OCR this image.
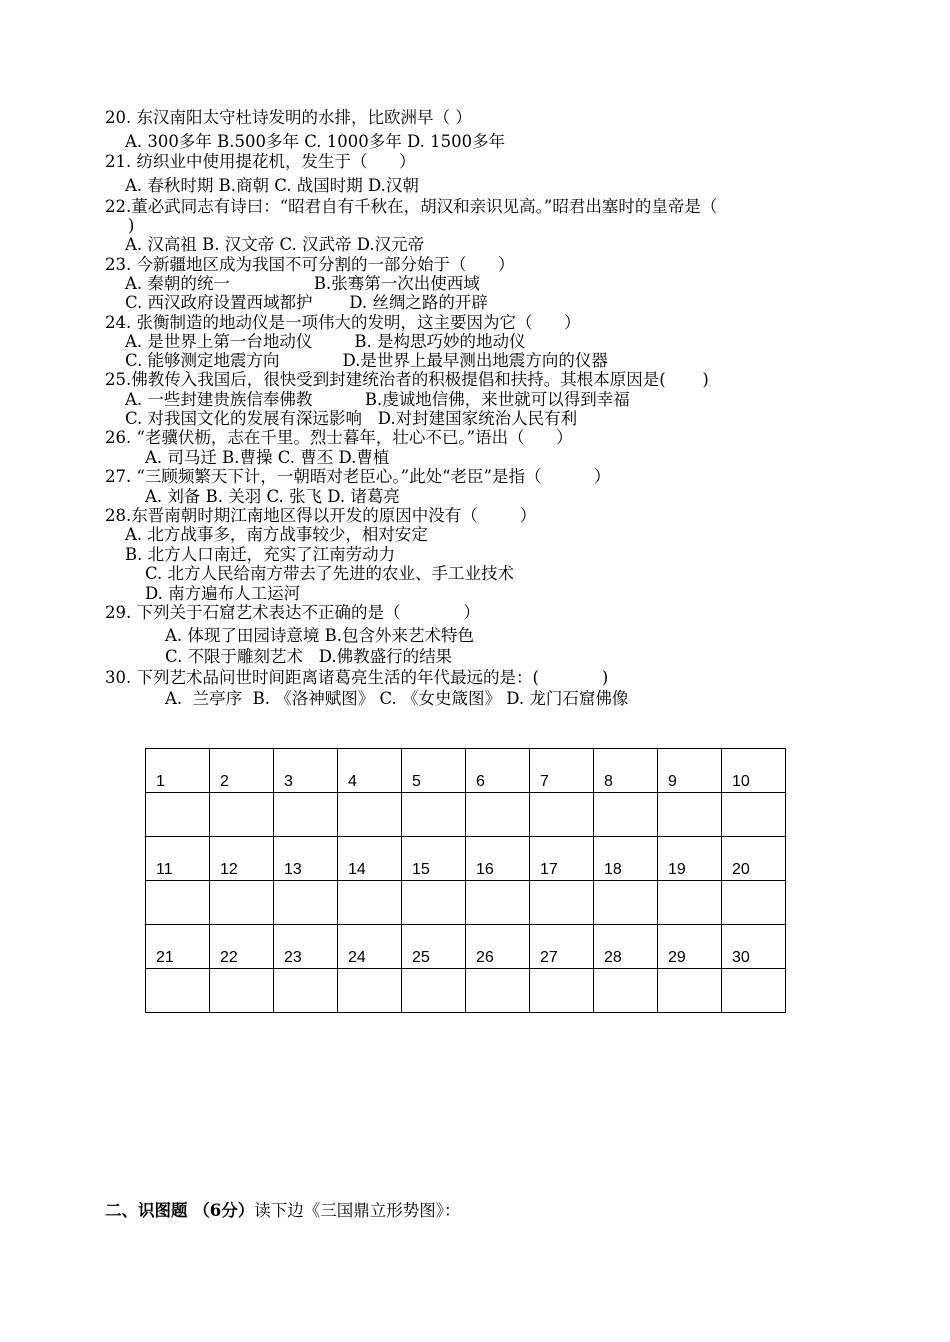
20. 东汉南阳太守杜诗发明的水排，比欧洲早（ ）
A. 300多年 B.500多年 C. 1000多年 D. 1500多年
21. 纺织业中使用提花机，发生于（      ）
A. 春秋时期 B.商朝 C. 战国时期 D.汉朝
22.董必武同志有诗曰：“昭君自有千秋在，胡汉和亲识见高。”昭君出塞时的皇帝是（
)
A. 汉高祖 B. 汉文帝 C. 汉武帝 D.汉元帝
23. 今新疆地区成为我国不可分割的一部分始于（      ）
A. 秦朝的统一                B.张骞第一次出使西域
C. 西汉政府设置西域都护       D. 丝绸之路的开辟
24. 张衡制造的地动仪是一项伟大的发明，这主要因为它（      ）
A. 是世界上第一台地动仪        B. 是构思巧妙的地动仪
C. 能够测定地震方向            D.是世界上最早测出地震方向的仪器
25.佛教传入我国后，很快受到封建统治者的积极提倡和扶持。其根本原因是(       )
A. 一些封建贵族信奉佛教          B.虔诚地信佛，来世就可以得到幸福
C. 对我国文化的发展有深远影响   D.对封建国家统治人民有利
26. “老骥伏枥，志在千里。烈士暮年，壮心不已。”语出（      ）
A. 司马迁 B.曹操 C. 曹丕 D.曹植
27. “三顾频繁天下计，一朝晤对老臣心。”此处“老臣”是指（          ）
A. 刘备 B. 关羽 C. 张飞 D. 诸葛亮
28.东晋南朝时期江南地区得以开发的原因中没有（        ）
A. 北方战事多，南方战事较少，相对安定
B. 北方人口南迁，充实了江南劳动力
C. 北方人民给南方带去了先进的农业、手工业技术
D. 南方遍布人工运河
29. 下列关于石窟艺术表达不正确的是（            ）
A. 体现了田园诗意境 B.包含外来艺术特色
C. 不限于雕刻艺术   D.佛教盛行的结果
30. 下列艺术品问世时间距离诸葛亮生活的年代最远的是：(            )
A.  兰亭序  B. 《洛神赋图》 C. 《女史箴图》 D. 龙门石窟佛像
1	2	3	4	5	6	7	8	9	10

11	12	13	14	15	16	17	18	19	20

21	22	23	24	25	26	27	28	29	30

二、识图题 （6分）读下边《三国鼎立形势图》：
